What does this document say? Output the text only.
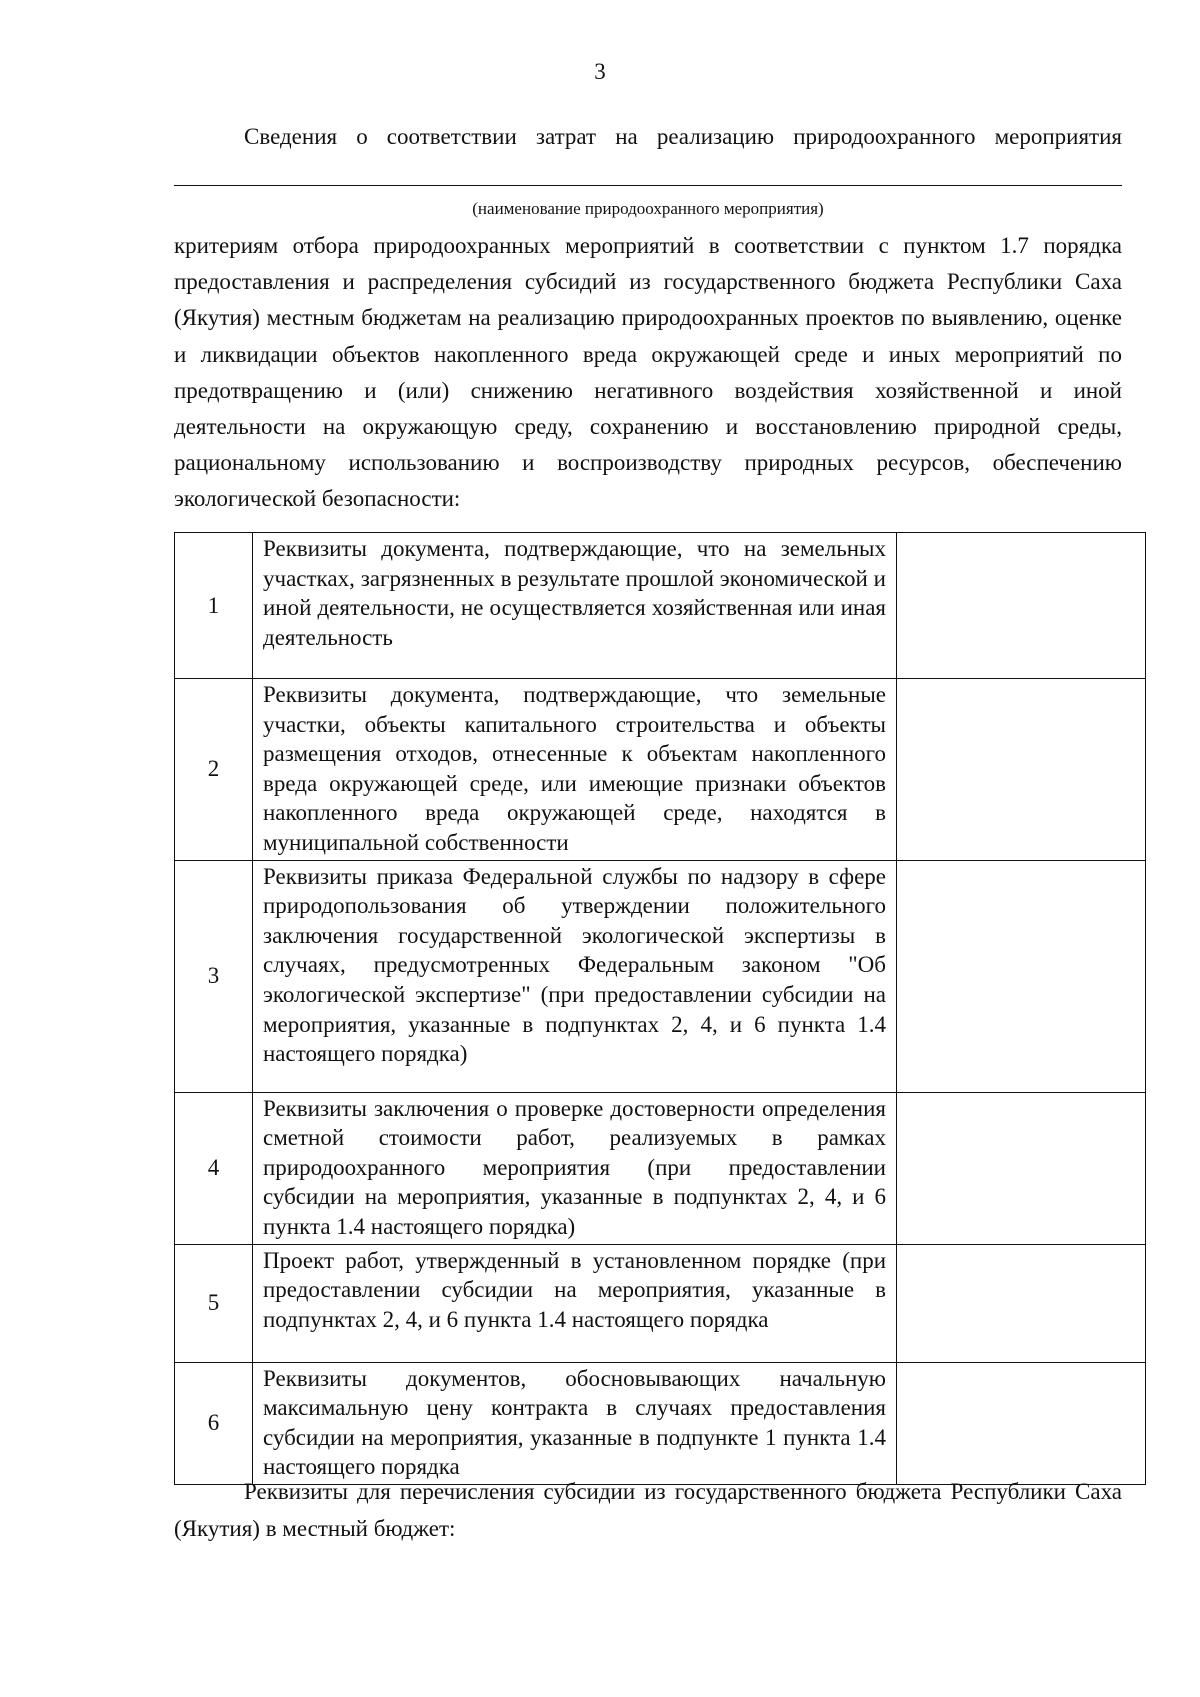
3
Сведения о соответствии затрат на реализацию природоохранного мероприятия
(наименование природоохранного мероприятия)

критериям отбора природоохранных мероприятий в соответствии с пунктом 1.7 порядка предоставления и распределения субсидий из государственного бюджета Республики Саха (Якутия) местным бюджетам на реализацию природоохранных проектов по выявлению, оценке и ликвидации объектов накопленного вреда окружающей среде и иных мероприятий по предотвращению и (или) снижению негативного воздействия хозяйственной и иной деятельности на окружающую среду, сохранению и восстановлению природной среды, рациональному использованию и воспроизводству природных ресурсов, обеспечению экологической безопасности:

1	Реквизиты документа, подтверждающие, что на земельных участках, загрязненных в результате прошлой экономической и иной деятельности, не осуществляется хозяйственная или иная деятельность	
2	Реквизиты документа, подтверждающие, что земельные участки, объекты капитального строительства и объекты размещения отходов, отнесенные к объектам накопленного вреда окружающей среде, или имеющие признаки объектов накопленного вреда окружающей среде, находятся в муниципальной собственности	
3	Реквизиты приказа Федеральной службы по надзору в сфере природопользования об утверждении положительного заключения государственной экологической экспертизы в случаях, предусмотренных Федеральным законом "Об экологической экспертизе" (при предоставлении субсидии на мероприятия, указанные в подпунктах 2, 4, и 6 пункта 1.4 настоящего порядка)	
4	Реквизиты заключения о проверке достоверности определения сметной стоимости работ, реализуемых в рамках природоохранного мероприятия (при предоставлении субсидии на мероприятия, указанные в подпунктах 2, 4, и 6 пункта 1.4 настоящего порядка)	
5	Проект работ, утвержденный в установленном порядке (при предоставлении субсидии на мероприятия, указанные в подпунктах 2, 4, и 6 пункта 1.4 настоящего порядка	
6	Реквизиты документов, обосновывающих начальную максимальную цену контракта в случаях предоставления субсидии на мероприятия, указанные в подпункте 1 пункта 1.4 настоящего порядка	

Реквизиты для перечисления субсидии из государственного бюджета Республики Саха (Якутия) в местный бюджет:
